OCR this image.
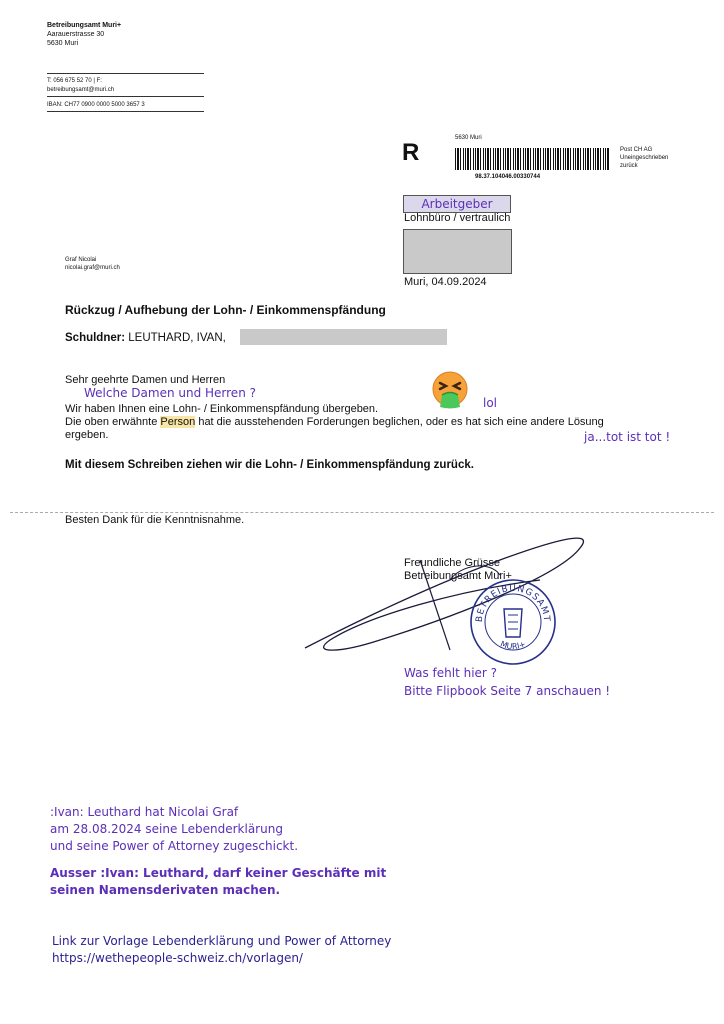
Betreibungsamt Muri+
Aarauerstrasse 30
5630 Muri
T: 056 675 52 70 | F:
betreibungsamt@muri.ch
IBAN: CH77 0900 0000 5000 3657 3
R
5630 Muri
98.37.104046.00330744
Post CH AG
Uneingeschrieben
zurück
Arbeitgeber
Lohnbüro / vertraulich
Muri, 04.09.2024
Graf Nicolai
nicolai.graf@muri.ch
Rückzug / Aufhebung der Lohn- / Einkommenspfändung
Schuldner: LEUTHARD, IVAN,
Sehr geehrte Damen und Herren
Welche Damen und Herren ?
Wir haben Ihnen eine Lohn- / Einkommenspfändung übergeben.	lol
Die oben erwähnte Person hat die ausstehenden Forderungen beglichen, oder es hat sich eine andere Lösung
ergeben.	ja...tot ist tot !
Mit diesem Schreiben ziehen wir die Lohn- / Einkommenspfändung zurück.
Besten Dank für die Kenntnisnahme.
Freundliche Grüsse
Betreibungsamt Muri+
BETREIBUNGSAMT
MURI+
Was fehlt hier ?
Bitte Flipbook Seite 7 anschauen !
:Ivan: Leuthard hat Nicolai Graf
am 28.08.2024 seine Lebenderklärung
und seine Power of Attorney zugeschickt.
Ausser :Ivan: Leuthard, darf keiner Geschäfte mit
seinen Namensderivaten machen.
Link zur Vorlage Lebenderklärung und Power of Attorney
https://wethepeople-schweiz.ch/vorlagen/
